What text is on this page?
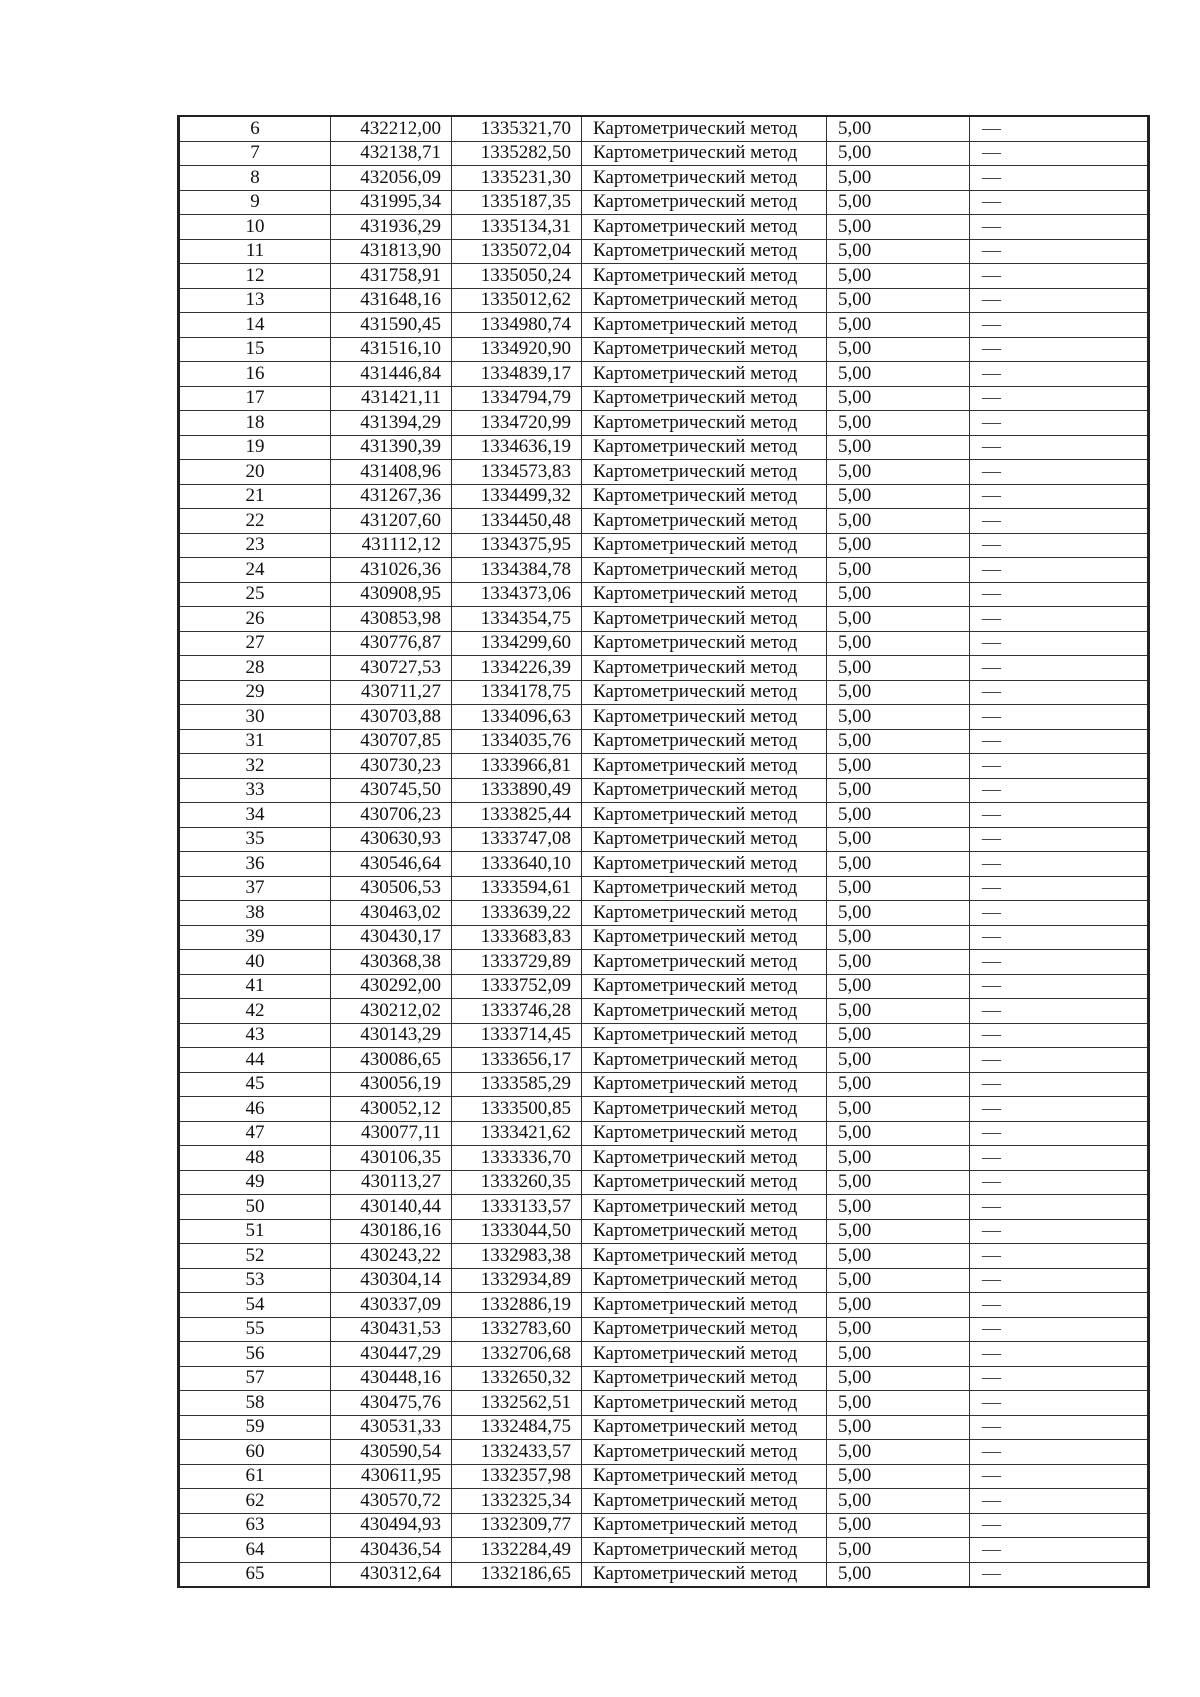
6	432212,00	1335321,70	Картометрический метод	5,00	—
7	432138,71	1335282,50	Картометрический метод	5,00	—
8	432056,09	1335231,30	Картометрический метод	5,00	—
9	431995,34	1335187,35	Картометрический метод	5,00	—
10	431936,29	1335134,31	Картометрический метод	5,00	—
11	431813,90	1335072,04	Картометрический метод	5,00	—
12	431758,91	1335050,24	Картометрический метод	5,00	—
13	431648,16	1335012,62	Картометрический метод	5,00	—
14	431590,45	1334980,74	Картометрический метод	5,00	—
15	431516,10	1334920,90	Картометрический метод	5,00	—
16	431446,84	1334839,17	Картометрический метод	5,00	—
17	431421,11	1334794,79	Картометрический метод	5,00	—
18	431394,29	1334720,99	Картометрический метод	5,00	—
19	431390,39	1334636,19	Картометрический метод	5,00	—
20	431408,96	1334573,83	Картометрический метод	5,00	—
21	431267,36	1334499,32	Картометрический метод	5,00	—
22	431207,60	1334450,48	Картометрический метод	5,00	—
23	431112,12	1334375,95	Картометрический метод	5,00	—
24	431026,36	1334384,78	Картометрический метод	5,00	—
25	430908,95	1334373,06	Картометрический метод	5,00	—
26	430853,98	1334354,75	Картометрический метод	5,00	—
27	430776,87	1334299,60	Картометрический метод	5,00	—
28	430727,53	1334226,39	Картометрический метод	5,00	—
29	430711,27	1334178,75	Картометрический метод	5,00	—
30	430703,88	1334096,63	Картометрический метод	5,00	—
31	430707,85	1334035,76	Картометрический метод	5,00	—
32	430730,23	1333966,81	Картометрический метод	5,00	—
33	430745,50	1333890,49	Картометрический метод	5,00	—
34	430706,23	1333825,44	Картометрический метод	5,00	—
35	430630,93	1333747,08	Картометрический метод	5,00	—
36	430546,64	1333640,10	Картометрический метод	5,00	—
37	430506,53	1333594,61	Картометрический метод	5,00	—
38	430463,02	1333639,22	Картометрический метод	5,00	—
39	430430,17	1333683,83	Картометрический метод	5,00	—
40	430368,38	1333729,89	Картометрический метод	5,00	—
41	430292,00	1333752,09	Картометрический метод	5,00	—
42	430212,02	1333746,28	Картометрический метод	5,00	—
43	430143,29	1333714,45	Картометрический метод	5,00	—
44	430086,65	1333656,17	Картометрический метод	5,00	—
45	430056,19	1333585,29	Картометрический метод	5,00	—
46	430052,12	1333500,85	Картометрический метод	5,00	—
47	430077,11	1333421,62	Картометрический метод	5,00	—
48	430106,35	1333336,70	Картометрический метод	5,00	—
49	430113,27	1333260,35	Картометрический метод	5,00	—
50	430140,44	1333133,57	Картометрический метод	5,00	—
51	430186,16	1333044,50	Картометрический метод	5,00	—
52	430243,22	1332983,38	Картометрический метод	5,00	—
53	430304,14	1332934,89	Картометрический метод	5,00	—
54	430337,09	1332886,19	Картометрический метод	5,00	—
55	430431,53	1332783,60	Картометрический метод	5,00	—
56	430447,29	1332706,68	Картометрический метод	5,00	—
57	430448,16	1332650,32	Картометрический метод	5,00	—
58	430475,76	1332562,51	Картометрический метод	5,00	—
59	430531,33	1332484,75	Картометрический метод	5,00	—
60	430590,54	1332433,57	Картометрический метод	5,00	—
61	430611,95	1332357,98	Картометрический метод	5,00	—
62	430570,72	1332325,34	Картометрический метод	5,00	—
63	430494,93	1332309,77	Картометрический метод	5,00	—
64	430436,54	1332284,49	Картометрический метод	5,00	—
65	430312,64	1332186,65	Картометрический метод	5,00	—
